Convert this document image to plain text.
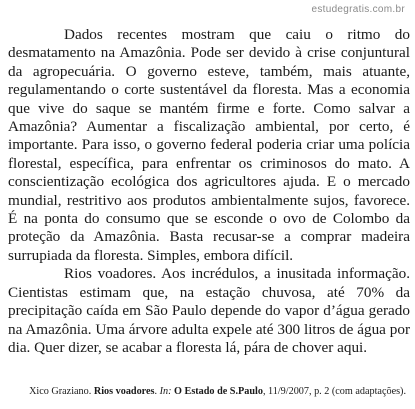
estudegratis.com.br

Dados recentes mostram que caiu o ritmo do desmatamento na Amazônia. Pode ser devido à crise conjuntural da agropecuária. O governo esteve, também, mais atuante, regulamentando o corte sustentável da floresta. Mas a economia que vive do saque se mantém firme e forte. Como salvar a Amazônia? Aumentar a fiscalização ambiental, por certo, é importante. Para isso, o governo federal poderia criar uma polícia florestal, específica, para enfrentar os criminosos do mato. A conscientização ecológica dos agricultores ajuda. E o mercado mundial, restritivo aos produtos ambientalmente sujos, favorece. É na ponta do consumo que se esconde o ovo de Colombo da proteção da Amazônia. Basta recusar-se a comprar madeira surrupiada da floresta. Simples, embora difícil.

Rios voadores. Aos incrédulos, a inusitada informação. Cientistas estimam que, na estação chuvosa, até 70% da precipitação caída em São Paulo depende do vapor d’água gerado na Amazônia. Uma árvore adulta expele até 300 litros de água por dia. Quer dizer, se acabar a floresta lá, pára de chover aqui.

Xico Graziano. Rios voadores. In: O Estado de S.Paulo, 11/9/2007, p. 2 (com adaptações).
